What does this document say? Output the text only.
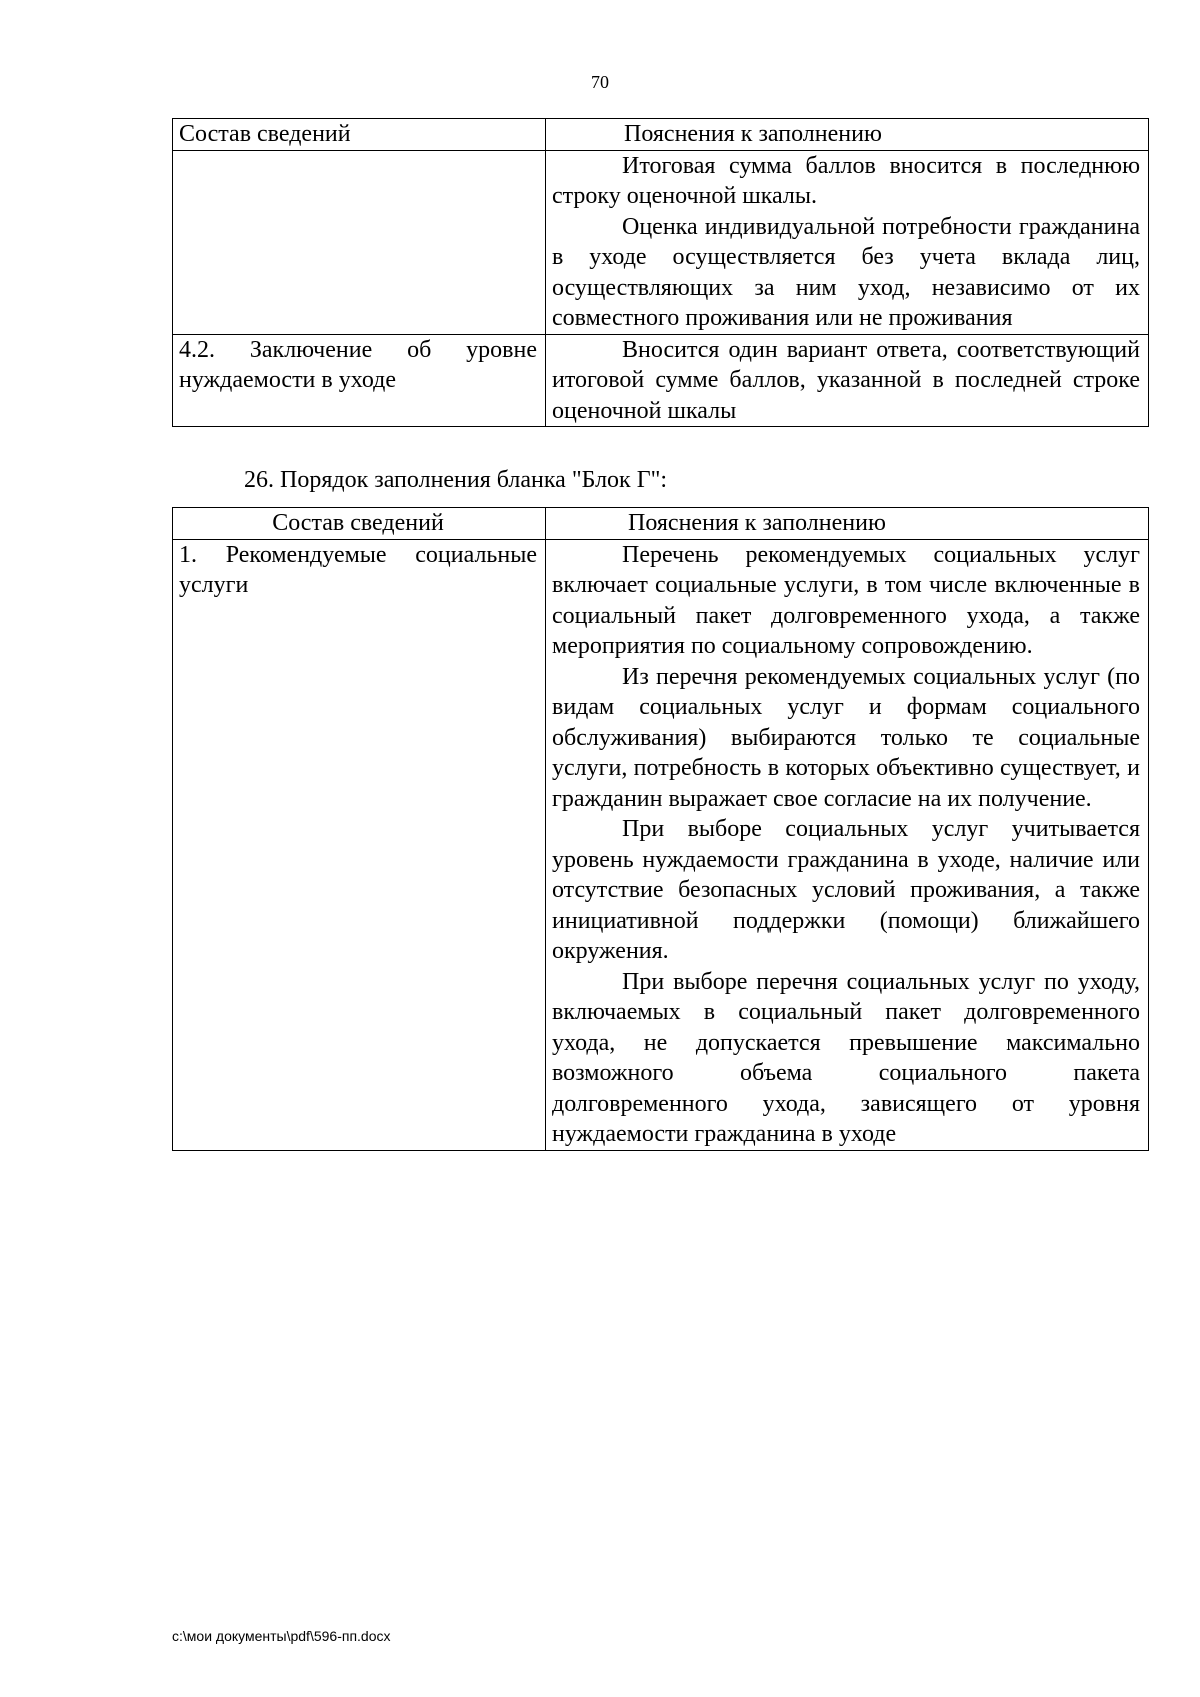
70
Состав сведений	Пояснения к заполнению

	Итоговая сумма баллов вносится в последнюю строку оценочной шкалы.

Оценка индивидуальной потребности гражданина в уходе осуществляется без учета вклада лиц, осуществляющих за ним уход, независимо от их совместного проживания или не проживания

4.2. Заключение об уровне нуждаемости в уходе	Вносится один вариант ответа, соответствующий итоговой сумме баллов, указанной в последней строке оценочной шкалы

26. Порядок заполнения бланка "Блок Г":
Состав сведений	Пояснения к заполнению
1. Рекомендуемые социальные услуги	Перечень рекомендуемых социальных услуг включает социальные услуги, в том числе включенные в социальный пакет долговременного ухода, а также мероприятия по социальному сопровождению.

Из перечня рекомендуемых социальных услуг (по видам социальных услуг и формам социального обслуживания) выбираются только те социальные услуги, потребность в которых объективно существует, и гражданин выражает свое согласие на их получение.

При выборе социальных услуг учитывается уровень нуждаемости гражданина в уходе, наличие или отсутствие безопасных условий проживания, а также инициативной поддержки (помощи) ближайшего окружения.

При выборе перечня социальных услуг по уходу, включаемых в социальный пакет долговременного ухода, не допускается превышение максимально возможного объема социального пакета долговременного ухода, зависящего от уровня нуждаемости гражданина в уходе

c:\мои документы\pdf\596-пп.docx
